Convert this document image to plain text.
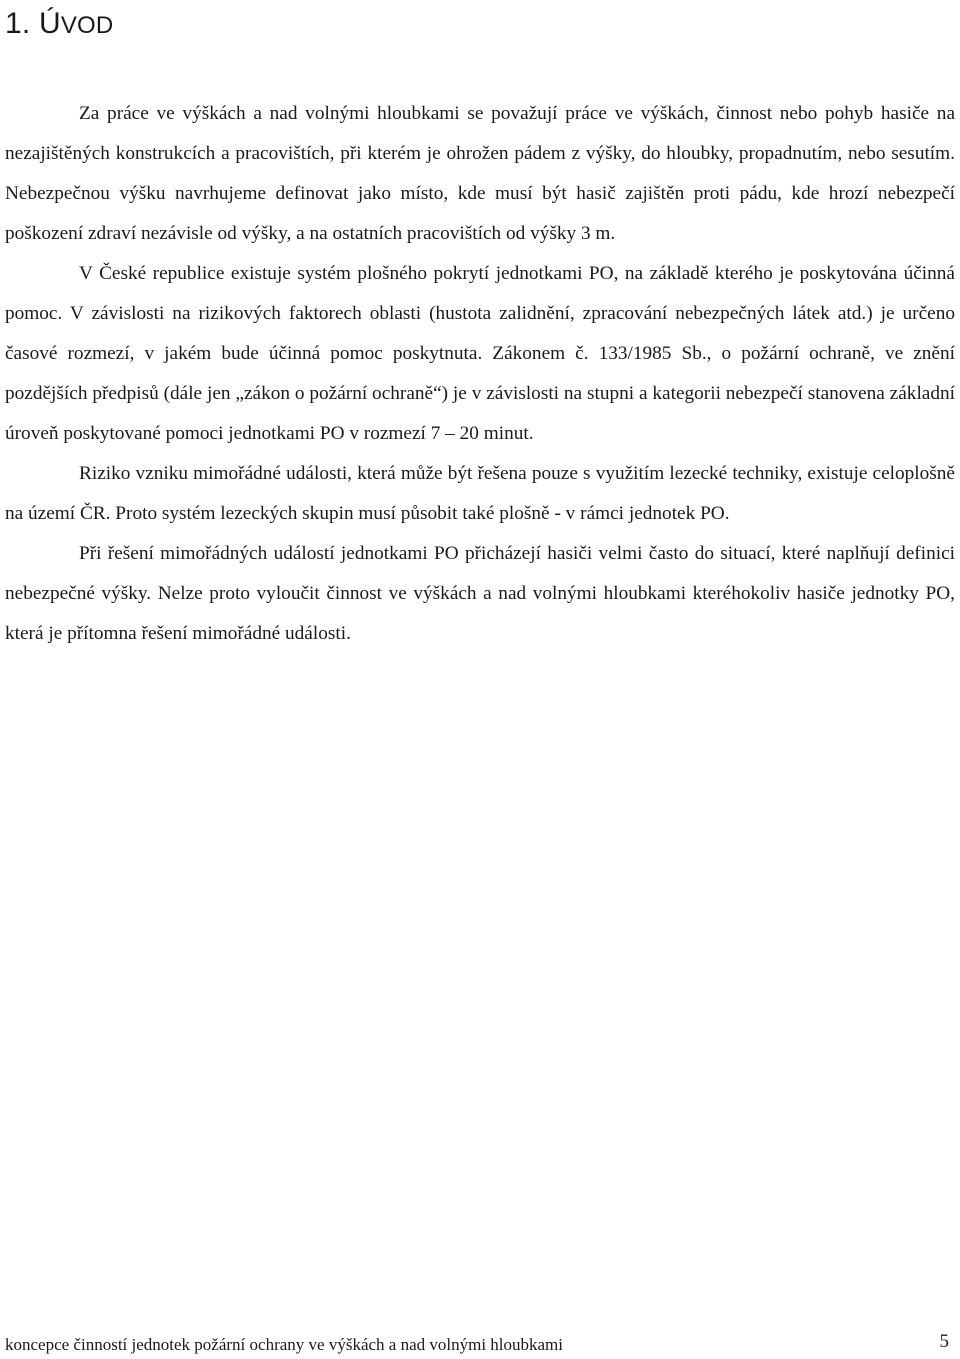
1. ÚVOD

Za práce ve výškách a nad volnými hloubkami se považují práce ve výškách, činnost nebo pohyb hasiče na nezajištěných konstrukcích a pracovištích, při kterém je ohrožen pádem z výšky, do hloubky, propadnutím, nebo sesutím. Nebezpečnou výšku navrhujeme definovat jako místo, kde musí být hasič zajištěn proti pádu, kde hrozí nebezpečí poškození zdraví nezávisle od výšky, a na ostatních pracovištích od výšky 3 m.

V České republice existuje systém plošného pokrytí jednotkami PO, na základě kterého je poskytována účinná pomoc. V závislosti na rizikových faktorech oblasti (hustota zalidnění, zpracování nebezpečných látek atd.) je určeno časové rozmezí, v jakém bude účinná pomoc poskytnuta. Zákonem č. 133/1985 Sb., o požární ochraně, ve znění pozdějších předpisů (dále jen „zákon o požární ochraně“) je v závislosti na stupni a kategorii nebezpečí stanovena základní úroveň poskytované pomoci jednotkami PO v rozmezí 7 – 20 minut.

Riziko vzniku mimořádné události, která může být řešena pouze s využitím lezecké techniky, existuje celoplošně na území ČR. Proto systém lezeckých skupin musí působit také plošně - v rámci jednotek PO.

Při řešení mimořádných událostí jednotkami PO přicházejí hasiči velmi často do situací, které naplňují definici nebezpečné výšky. Nelze proto vyloučit činnost ve výškách a nad volnými hloubkami kteréhokoliv hasiče jednotky PO, která je přítomna řešení mimořádné události.

koncepce činností jednotek požární ochrany ve výškách a nad volnými hloubkami	5
